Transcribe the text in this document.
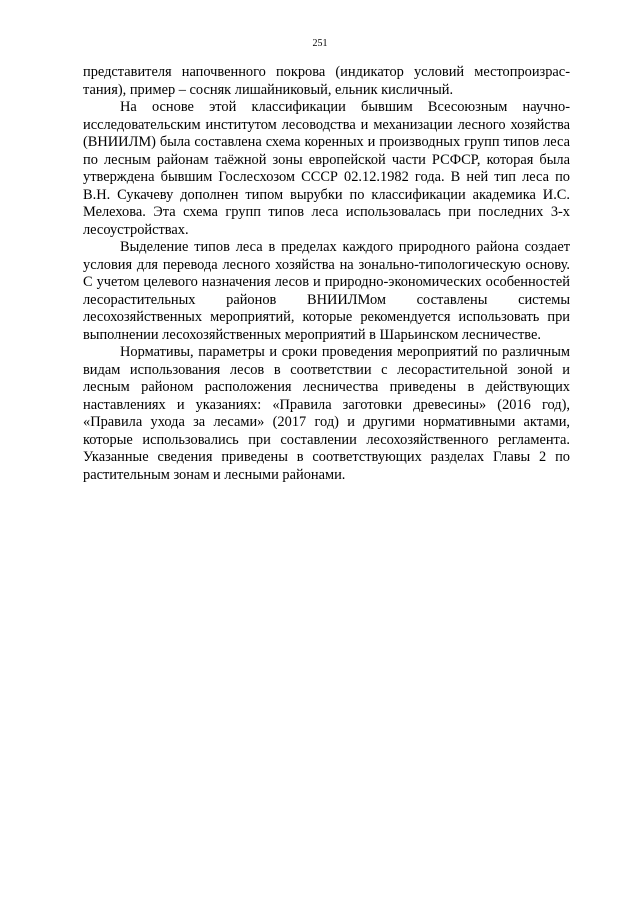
251

представителя напочвенного покрова (индикатор условий местопроизрастания), пример – сосняк лишайниковый, ельник кисличный.

На основе этой классификации бывшим Всесоюзным научно-исследовательским институтом лесоводства и механизации лесного хозяйства (ВНИИЛМ) была составлена схема коренных и производных групп типов леса по лесным районам таёжной зоны европейской части РСФСР, которая была утверждена бывшим Гослесхозом СССР 02.12.1982 года. В ней тип леса по В.Н. Сукачеву дополнен типом вырубки по классификации академика И.С. Мелехова. Эта схема групп типов леса использовалась при последних 3-х лесоустройствах.

Выделение типов леса в пределах каждого природного района создает условия для перевода лесного хозяйства на зонально-типологическую основу. С учетом целевого назначения лесов и природно-экономических особенностей лесорастительных районов ВНИИЛМом составлены системы лесохозяйственных мероприятий, которые рекомендуется использовать при выполнении лесохозяйственных мероприятий в Шарьинском лесничестве.

Нормативы, параметры и сроки проведения мероприятий по различным видам использования лесов в соответствии с лесорастительной зоной и лесным районом расположения лесничества приведены в действующих наставлениях и указаниях: «Правила заготовки древесины» (2016 год), «Правила ухода за лесами» (2017 год) и другими нормативными актами, которые использовались при составлении лесохозяйственного регламента. Указанные сведения приведены в соответствующих разделах Главы 2 по растительным зонам и лесными районами.
